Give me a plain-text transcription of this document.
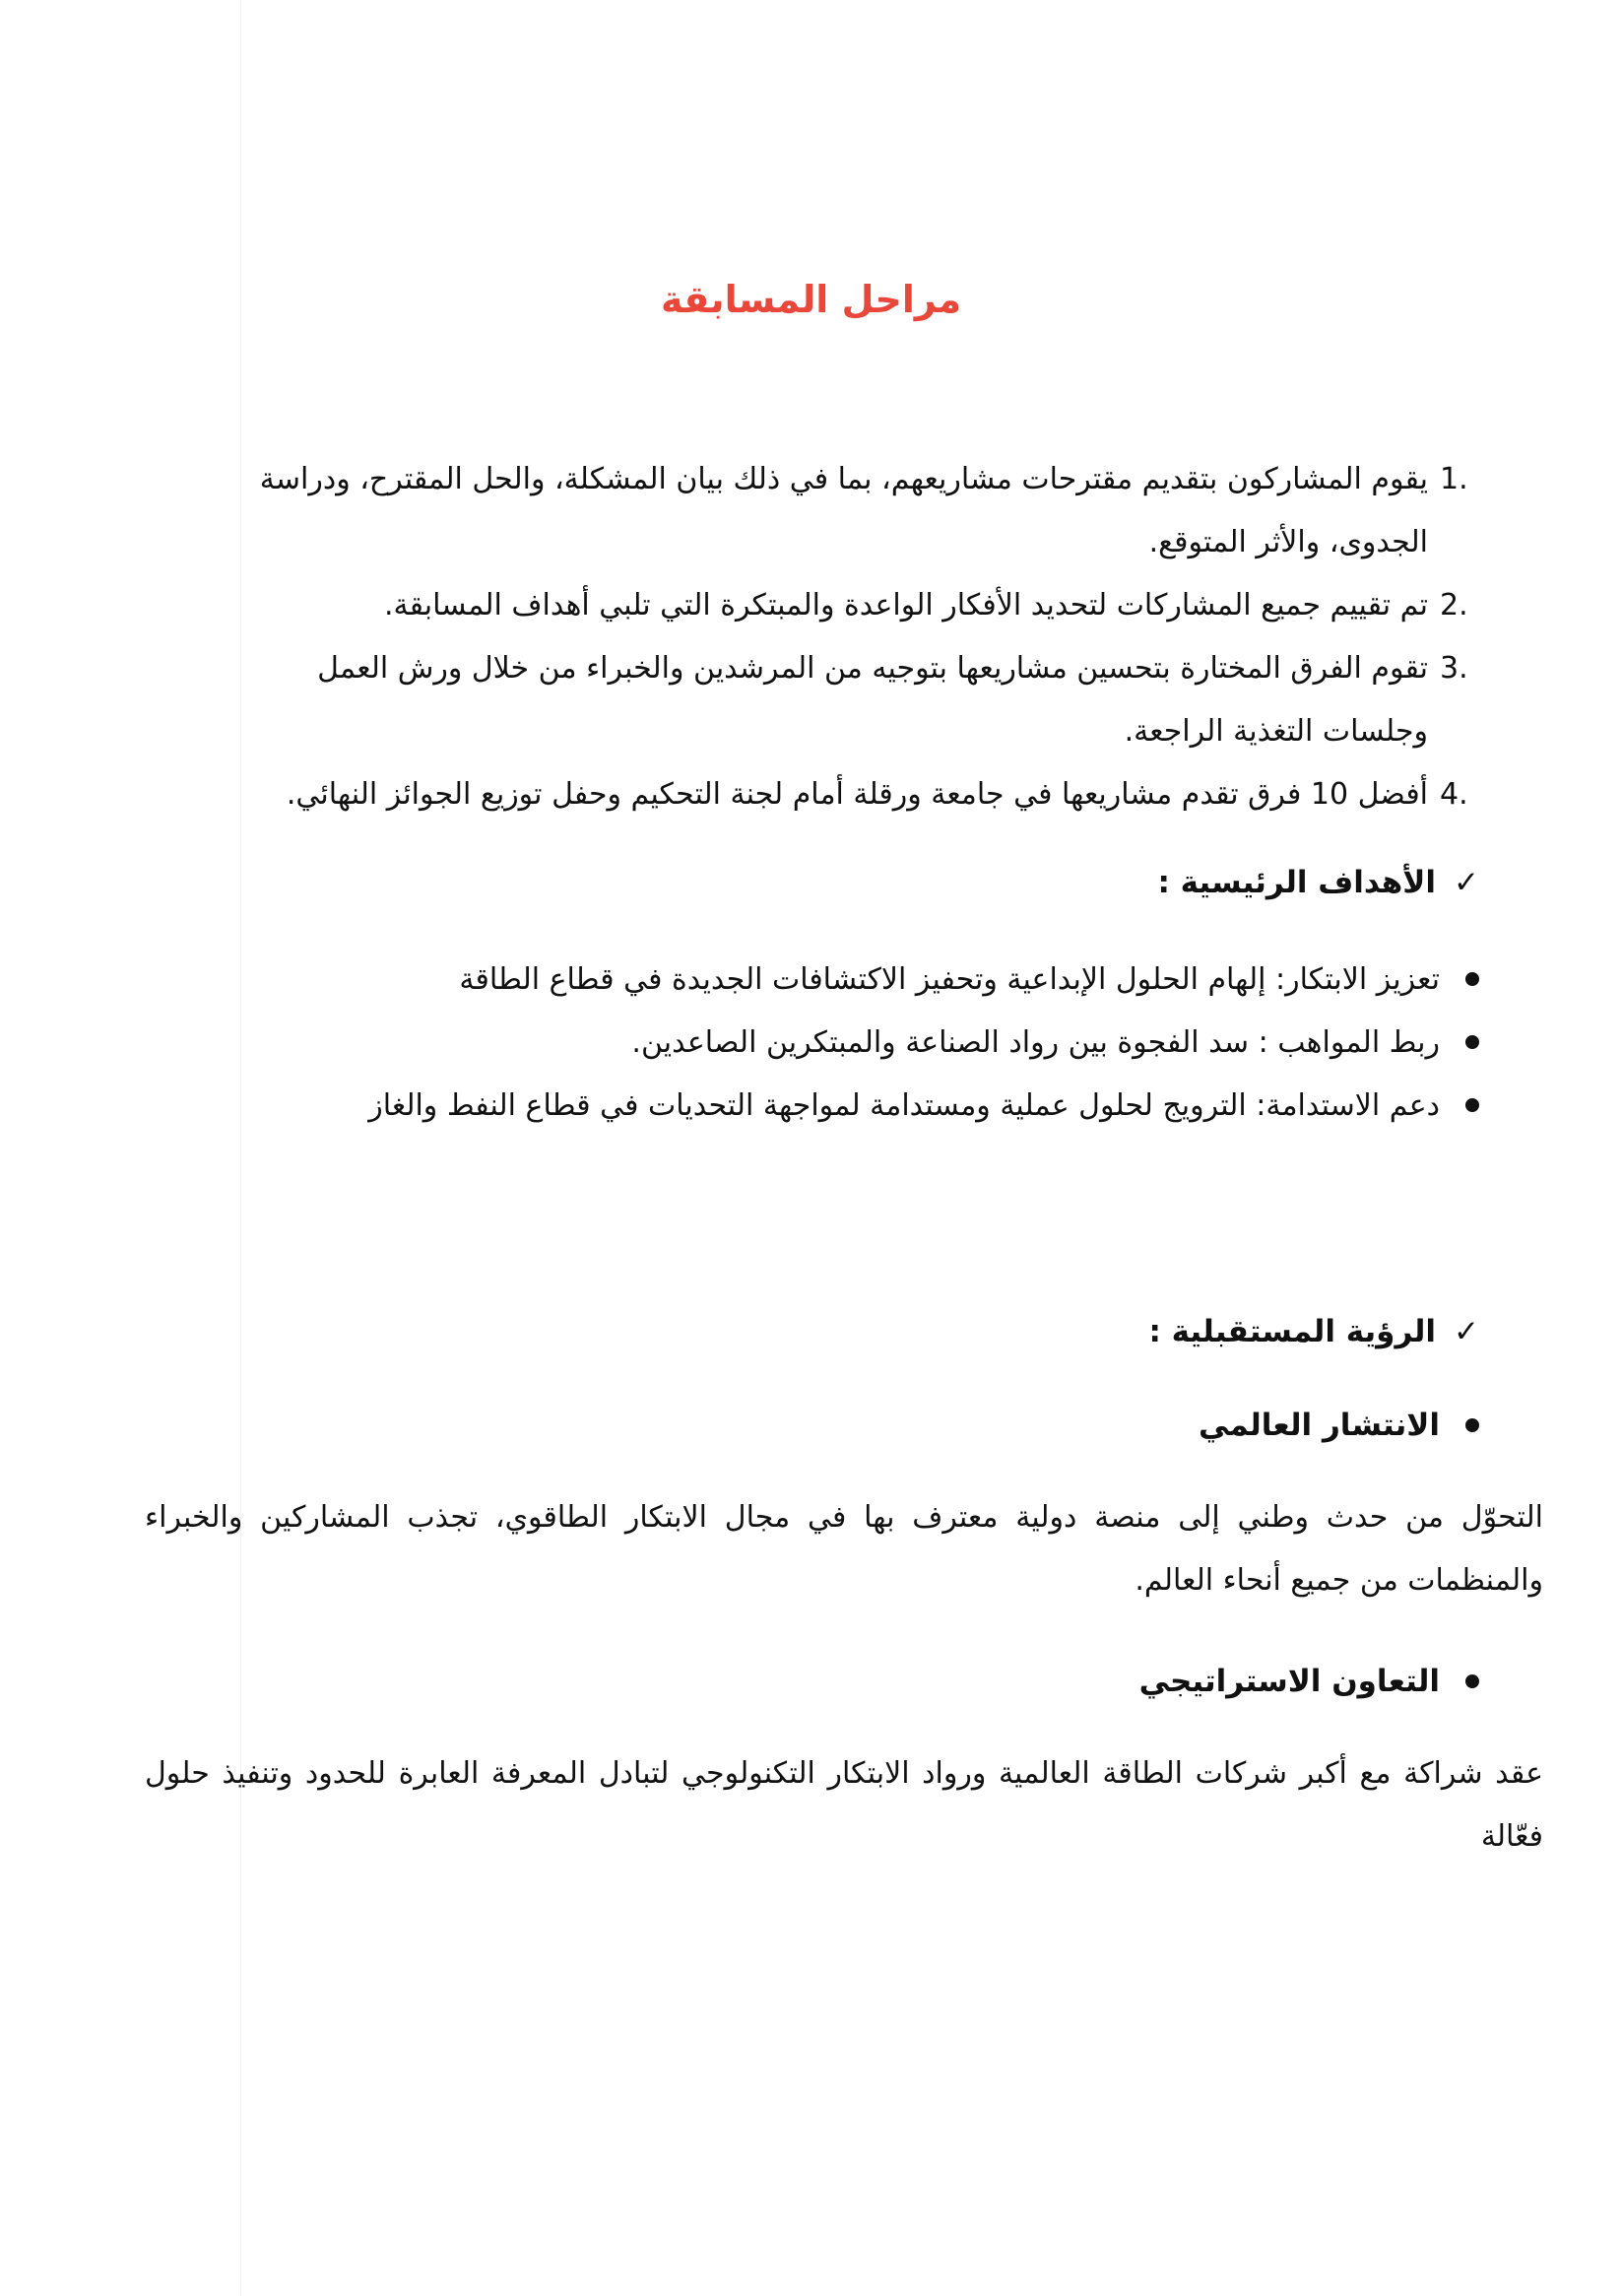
مراحل المسابقة
1.
يقوم المشاركون بتقديم مقترحات مشاريعهم، بما في ذلك بيان المشكلة، والحل المقترح، ودراسة الجدوى، والأثر المتوقع.
2.
تم تقييم جميع المشاركات لتحديد الأفكار الواعدة والمبتكرة التي تلبي أهداف المسابقة.
3.
تقوم الفرق المختارة بتحسين مشاريعها بتوجيه من المرشدين والخبراء من خلال ورش العمل وجلسات التغذية الراجعة.
4.
أفضل 10 فرق تقدم مشاريعها في جامعة ورقلة أمام لجنة التحكيم وحفل توزيع الجوائز النهائي.
✓الأهداف الرئيسية :
تعزيز الابتكار: إلهام الحلول الإبداعية وتحفيز الاكتشافات الجديدة في قطاع الطاقة
ربط المواهب : سد الفجوة بين رواد الصناعة والمبتكرين الصاعدين.
دعم الاستدامة: الترويج لحلول عملية ومستدامة لمواجهة التحديات في قطاع النفط والغاز
✓الرؤية المستقبلية :
الانتشار العالمي
التحوّل من حدث وطني إلى منصة دولية معترف بها في مجال الابتكار الطاقوي، تجذب المشاركين والخبراء والمنظمات من جميع أنحاء العالم.
التعاون الاستراتيجي
عقد شراكة مع أكبر شركات الطاقة العالمية ورواد الابتكار التكنولوجي لتبادل المعرفة العابرة للحدود وتنفيذ حلول فعّالة
